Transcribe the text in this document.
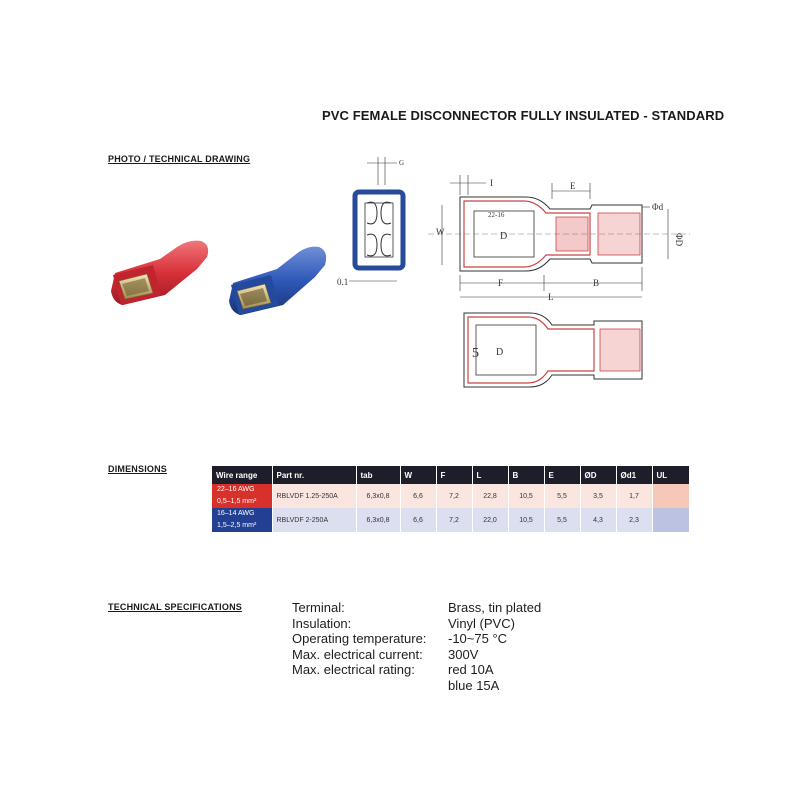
PVC FEMALE DISCONNECTOR FULLY INSULATED - STANDARD
PHOTO / TECHNICAL DRAWING	G
0.1
I	E
Φd
ΦD
W
22-16
D
F	B
L
5 D
DIMENSIONS
Wire range	Part nr.	tab	W	F	L	B	E	ØD	Ød1	UL

22–16 AWG
0,5–1,5 mm²	RBLVDF 1.25-250A	6,3x0,8	6,6	7,2	22,8	10,5	5,5	3,5	1,7	

16–14 AWG
1,5–2,5 mm²	RBLVDF 2-250A	6,3x0,8	6,6	7,2	22,0	10,5	5,5	4,3	2,3	
TECHNICAL SPECIFICATIONS	Terminal:	Brass, tin plated
Insulation:	Vinyl (PVC)
Operating temperature:	-10~75 °C
Max. electrical current:	300V
Max. electrical rating:	red 10A
blue 15A
